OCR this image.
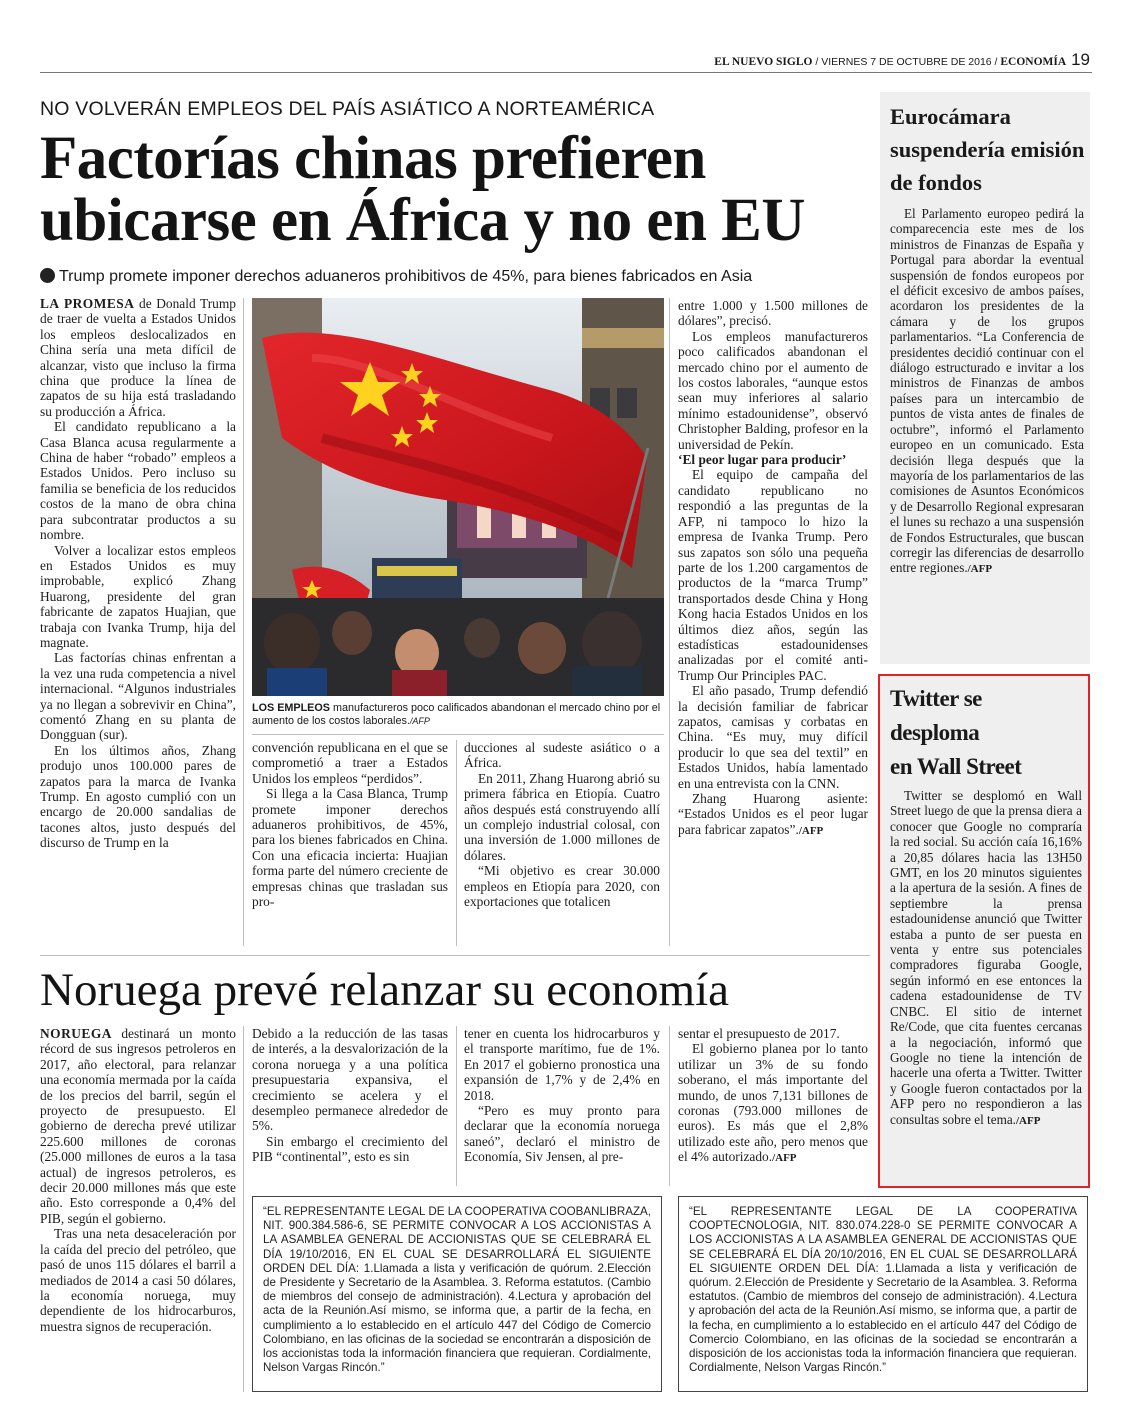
EL NUEVO SIGLO / VIERNES 7 DE OCTUBRE DE 2016 / ECONOMÍA 19
NO VOLVERÁN EMPLEOS DEL PAÍS ASIÁTICO A NORTEAMÉRICA
Factorías chinas prefieren
ubicarse en África y no en EU
Trump promete imponer derechos aduaneros prohibitivos de 45%, para bienes fabricados en Asia

LA PROMESA de Donald Trump de traer de vuelta a Estados Unidos los empleos deslocalizados en China sería una meta difícil de alcanzar, visto que incluso la firma china que produce la línea de zapatos de su hija está trasladando su producción a África.

El candidato republicano a la Casa Blanca acusa regularmente a China de haber “robado” empleos a Estados Unidos. Pero incluso su familia se beneficia de los reducidos costos de la mano de obra china para subcontratar productos a su nombre.

Volver a localizar estos empleos en Estados Unidos es muy improbable, explicó Zhang Huarong, presidente del gran fabricante de zapatos Huajian, que trabaja con Ivanka Trump, hija del magnate.

Las factorías chinas enfrentan a la vez una ruda competencia a nivel internacional. “Algunos industriales ya no llegan a sobrevivir en China”, comentó Zhang en su planta de Dongguan (sur).

En los últimos años, Zhang produjo unos 100.000 pares de zapatos para la marca de Ivanka Trump. En agosto cumplió con un encargo de 20.000 sandalias de tacones altos, justo después del discurso de Trump en la

LOS EMPLEOS manufactureros poco calificados abandonan el mercado chino por el aumento de los costos laborales./AFP

convención republicana en el que se comprometió a traer a Estados Unidos los empleos “perdidos”.

Si llega a la Casa Blanca, Trump promete imponer derechos aduaneros prohibitivos, de 45%, para los bienes fabricados en China. Con una eficacia incierta: Huajian forma parte del número creciente de empresas chinas que trasladan sus pro-

ducciones al sudeste asiático o a África.

En 2011, Zhang Huarong abrió su primera fábrica en Etiopía. Cuatro años después está construyendo allí un complejo industrial colosal, con una inversión de 1.000 millones de dólares.

“Mi objetivo es crear 30.000 empleos en Etiopía para 2020, con exportaciones que totalicen

entre 1.000 y 1.500 millones de dólares”, precisó.

Los empleos manufactureros poco calificados abandonan el mercado chino por el aumento de los costos laborales, “aunque estos sean muy inferiores al salario mínimo estadounidense”, observó Christopher Balding, profesor en la universidad de Pekín.

‘El peor lugar para producir’

El equipo de campaña del candidato republicano no respondió a las preguntas de la AFP, ni tampoco lo hizo la empresa de Ivanka Trump. Pero sus zapatos son sólo una pequeña parte de los 1.200 cargamentos de productos de la “marca Trump” transportados desde China y Hong Kong hacia Estados Unidos en los últimos diez años, según las estadísticas estadounidenses analizadas por el comité anti-Trump Our Principles PAC.

El año pasado, Trump defendió la decisión familiar de fabricar zapatos, camisas y corbatas en China. “Es muy, muy difícil producir lo que sea del textil” en Estados Unidos, había lamentado en una entrevista con la CNN.

Zhang Huarong asiente: “Estados Unidos es el peor lugar para fabricar zapatos”./AFP

Eurocámara suspendería emisión de fondos

El Parlamento europeo pedirá la comparecencia este mes de los ministros de Finanzas de España y Portugal para abordar la eventual suspensión de fondos europeos por el déficit excesivo de ambos países, acordaron los presidentes de la cámara y de los grupos parlamentarios. “La Conferencia de presidentes decidió continuar con el diálogo estructurado e invitar a los ministros de Finanzas de ambos países para un intercambio de puntos de vista antes de finales de octubre”, informó el Parlamento europeo en un comunicado. Esta decisión llega después que la mayoría de los parlamentarios de las comisiones de Asuntos Económicos y de Desarrollo Regional expresaran el lunes su rechazo a una suspensión de Fondos Estructurales, que buscan corregir las diferencias de desarrollo entre regiones./AFP

Twitter se
desploma
en Wall Street

Twitter se desplomó en Wall Street luego de que la prensa diera a conocer que Google no compraría la red social. Su acción caía 16,16% a 20,85 dólares hacia las 13H50 GMT, en los 20 minutos siguientes a la apertura de la sesión. A fines de septiembre la prensa estadounidense anunció que Twitter estaba a punto de ser puesta en venta y entre sus potenciales compradores figuraba Google, según informó en ese entonces la cadena estadounidense de TV CNBC. El sitio de internet Re/Code, que cita fuentes cercanas a la negociación, informó que Google no tiene la intención de hacerle una oferta a Twitter. Twitter y Google fueron contactados por la AFP pero no respondieron a las consultas sobre el tema./AFP

Noruega prevé relanzar su economía

NORUEGA destinará un monto récord de sus ingresos petroleros en 2017, año electoral, para relanzar una economía mermada por la caída de los precios del barril, según el proyecto de presupuesto. El gobierno de derecha prevé utilizar 225.600 millones de coronas (25.000 millones de euros a la tasa actual) de ingresos petroleros, es decir 20.000 millones más que este año. Esto corresponde a 0,4% del PIB, según el gobierno.

Tras una neta desaceleración por la caída del precio del petróleo, que pasó de unos 115 dólares el barril a mediados de 2014 a casi 50 dólares, la economía noruega, muy dependiente de los hidrocarburos, muestra signos de recuperación.

Debido a la reducción de las tasas de interés, a la desvalorización de la corona noruega y a una política presupuestaria expansiva, el crecimiento se acelera y el desempleo permanece alrededor de 5%.

Sin embargo el crecimiento del PIB “continental”, esto es sin

tener en cuenta los hidrocarburos y el transporte marítimo, fue de 1%. En 2017 el gobierno pronostica una expansión de 1,7% y de 2,4% en 2018.

“Pero es muy pronto para declarar que la economía noruega saneó”, declaró el ministro de Economía, Siv Jensen, al pre-

sentar el presupuesto de 2017.

El gobierno planea por lo tanto utilizar un 3% de su fondo soberano, el más importante del mundo, de unos 7,131 billones de coronas (793.000 millones de euros). Es más que el 2,8% utilizado este año, pero menos que el 4% autorizado./AFP

“EL REPRESENTANTE LEGAL DE LA COOPERATIVA COOBANLIBRAZA, NIT. 900.384.586-6, SE PERMITE CONVOCAR A LOS ACCIONISTAS A LA ASAMBLEA GENERAL DE ACCIONISTAS QUE SE CELEBRARÁ EL DÍA 19/10/2016, EN EL CUAL SE DESARROLLARÁ EL SIGUIENTE ORDEN DEL DÍA: 1.Llamada a lista y verificación de quórum. 2.Elección de Presidente y Secretario de la Asamblea. 3. Reforma estatutos. (Cambio de miembros del consejo de administración). 4.Lectura y aprobación del acta de la Reunión.Así mismo, se informa que, a partir de la fecha, en cumplimiento a lo establecido en el artículo 447 del Código de Comercio Colombiano, en las oficinas de la sociedad se encontrarán a disposición de los accionistas toda la información financiera que requieran. Cordialmente, Nelson Vargas Rincón.”

“EL REPRESENTANTE LEGAL DE LA COOPERATIVA COOPTECNOLOGIA, NIT. 830.074.228-0 SE PERMITE CONVOCAR A LOS ACCIONISTAS A LA ASAMBLEA GENERAL DE ACCIONISTAS QUE SE CELEBRARÁ EL DÍA 20/10/2016, EN EL CUAL SE DESARROLLARÁ EL SIGUIENTE ORDEN DEL DÍA: 1.Llamada a lista y verificación de quórum. 2.Elección de Presidente y Secretario de la Asamblea. 3. Reforma estatutos. (Cambio de miembros del consejo de administración). 4.Lectura y aprobación del acta de la Reunión.Así mismo, se informa que, a partir de la fecha, en cumplimiento a lo establecido en el artículo 447 del Código de Comercio Colombiano, en las oficinas de la sociedad se encontrarán a disposición de los accionistas toda la información financiera que requieran. Cordialmente, Nelson Vargas Rincón.”
